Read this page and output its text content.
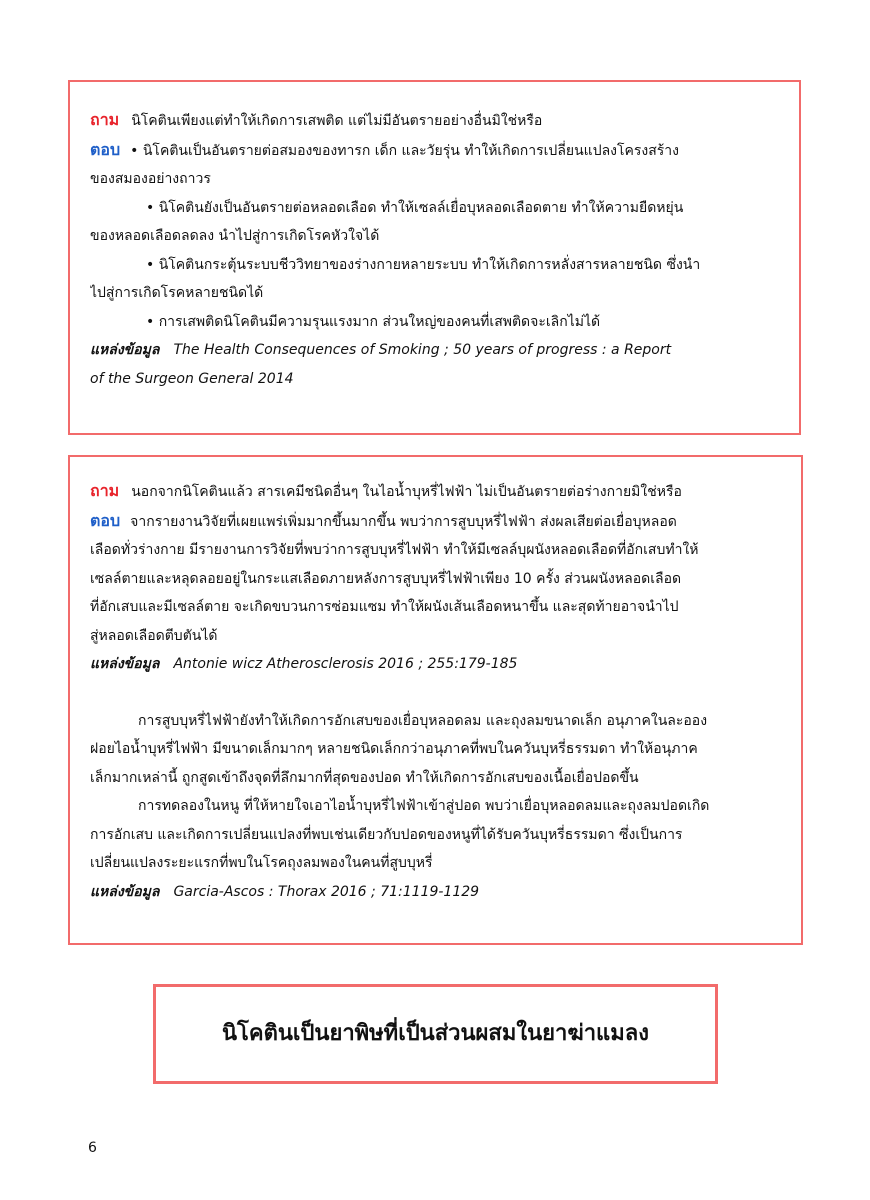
ถาม นิโคตินเพียงแต่ทำให้เกิดการเสพติด แต่ไม่มีอันตรายอย่างอื่นมิใช่หรือ
ตอบ • นิโคตินเป็นอันตรายต่อสมองของทารก เด็ก และวัยรุ่น ทำให้เกิดการเปลี่ยนแปลงโครงสร้าง
ของสมองอย่างถาวร
• นิโคตินยังเป็นอันตรายต่อหลอดเลือด ทำให้เซลล์เยื่อบุหลอดเลือดตาย ทำให้ความยืดหยุ่น
ของหลอดเลือดลดลง นำไปสู่การเกิดโรคหัวใจได้
• นิโคตินกระตุ้นระบบชีววิทยาของร่างกายหลายระบบ ทำให้เกิดการหลั่งสารหลายชนิด ซึ่งนำ
ไปสู่การเกิดโรคหลายชนิดได้
• การเสพติดนิโคตินมีความรุนแรงมาก ส่วนใหญ่ของคนที่เสพติดจะเลิกไม่ได้
แหล่งข้อมูล The Health Consequences of Smoking ; 50 years of progress : a Report
of the Surgeon General 2014
ถาม นอกจากนิโคตินแล้ว สารเคมีชนิดอื่นๆ ในไอน้ำบุหรี่ไฟฟ้า ไม่เป็นอันตรายต่อร่างกายมิใช่หรือ
ตอบ จากรายงานวิจัยที่เผยแพร่เพิ่มมากขึ้นมากขึ้น พบว่าการสูบบุหรี่ไฟฟ้า ส่งผลเสียต่อเยื่อบุหลอด
เลือดทั่วร่างกาย มีรายงานการวิจัยที่พบว่าการสูบบุหรี่ไฟฟ้า ทำให้มีเซลล์บุผนังหลอดเลือดที่อักเสบทำให้
เซลล์ตายและหลุดลอยอยู่ในกระแสเลือดภายหลังการสูบบุหรี่ไฟฟ้าเพียง 10 ครั้ง ส่วนผนังหลอดเลือด
ที่อักเสบและมีเซลล์ตาย จะเกิดขบวนการซ่อมแซม ทำให้ผนังเส้นเลือดหนาขึ้น และสุดท้ายอาจนำไป
สู่หลอดเลือดตีบตันได้
แหล่งข้อมูล Antonie wicz Atherosclerosis 2016 ; 255:179-185
การสูบบุหรี่ไฟฟ้ายังทำให้เกิดการอักเสบของเยื่อบุหลอดลม และถุงลมขนาดเล็ก อนุภาคในละออง
ฝอยไอน้ำบุหรี่ไฟฟ้า มีขนาดเล็กมากๆ หลายชนิดเล็กกว่าอนุภาคที่พบในควันบุหรี่ธรรมดา ทำให้อนุภาค
เล็กมากเหล่านี้ ถูกสูดเข้าถึงจุดที่ลึกมากที่สุดของปอด ทำให้เกิดการอักเสบของเนื้อเยื่อปอดขึ้น
การทดลองในหนู ที่ให้หายใจเอาไอน้ำบุหรี่ไฟฟ้าเข้าสู่ปอด พบว่าเยื่อบุหลอดลมและถุงลมปอดเกิด
การอักเสบ และเกิดการเปลี่ยนแปลงที่พบเช่นเดียวกับปอดของหนูที่ได้รับควันบุหรี่ธรรมดา ซึ่งเป็นการ
เปลี่ยนแปลงระยะแรกที่พบในโรคถุงลมพองในคนที่สูบบุหรี่
แหล่งข้อมูล Garcia-Ascos : Thorax 2016 ; 71:1119-1129
นิโคตินเป็นยาพิษที่เป็นส่วนผสมในยาฆ่าแมลง
6
